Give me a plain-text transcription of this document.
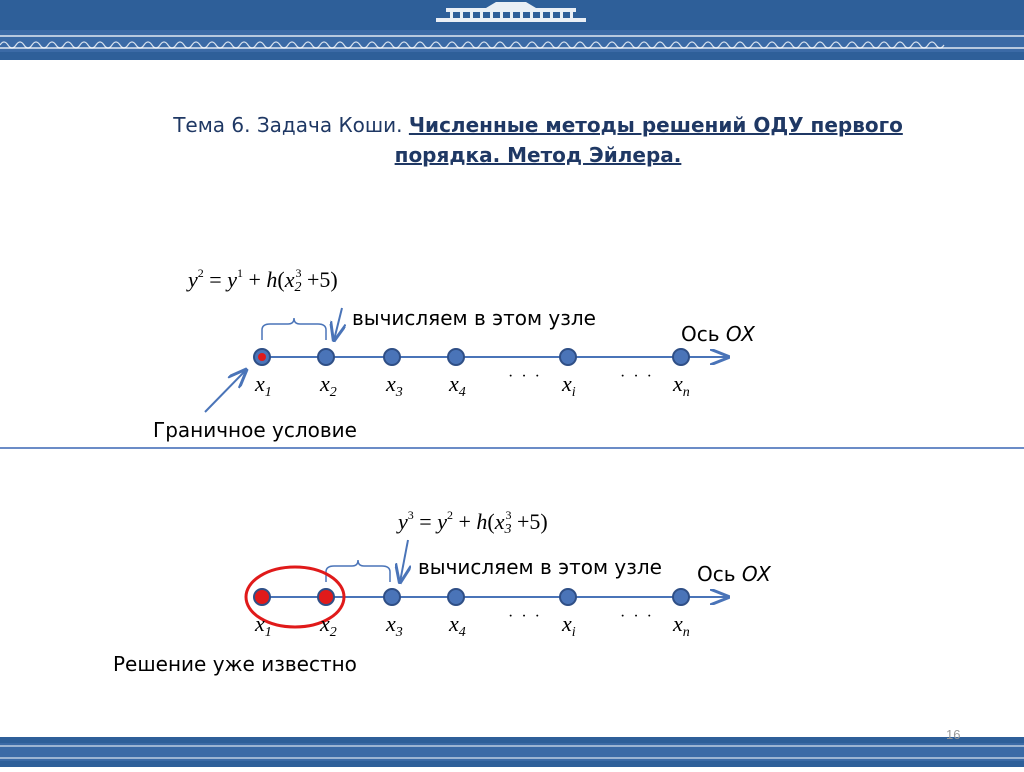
Тема 6. Задача Коши. Численные методы решений ОДУ первого
порядка. Метод Эйлера.
$y^2 = y^1 + h(x_2^3 +5)$
вычисляем в этом узле
Ось OX
Граничное условие
$x_1$ $x_2$ $x_3$ $x_4$
· · · $x_i$
· · · $x_n$
$y^3 = y^2 + h(x_3^3 +5)$
вычисляем в этом узле Ось OX
Решение уже известно
$x_1$ $x_2$ $x_3$ $x_4$
· · · $x_i$
· · · $x_n$
16
